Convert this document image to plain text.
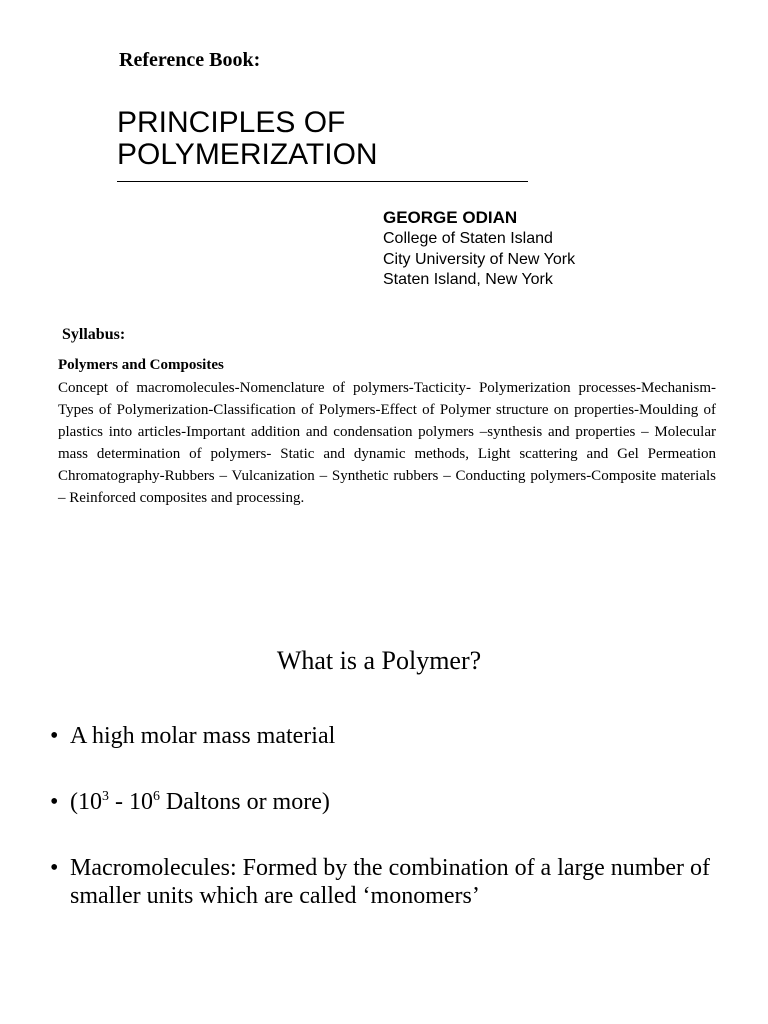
Reference Book:
PRINCIPLES OF
POLYMERIZATION
GEORGE ODIAN
College of Staten Island
City University of New York
Staten Island, New York
Syllabus:
Polymers and Composites

Concept of macromolecules-Nomenclature of polymers-Tacticity- Polymerization processes-Mechanism-Types of Polymerization-Classification of Polymers-Effect of Polymer structure on properties-Moulding of plastics into articles-Important addition and condensation polymers –synthesis and properties – Molecular mass determination of polymers- Static and dynamic methods, Light scattering and Gel Permeation Chromatography-Rubbers – Vulcanization – Synthetic rubbers – Conducting polymers-Composite materials – Reinforced composites and processing.

What is a Polymer?
• A high molar mass material
• ($10^3 - 10^6$ Daltons or more)
• Macromolecules: Formed by the combination of a large number of smaller units which are called ‘monomers’
